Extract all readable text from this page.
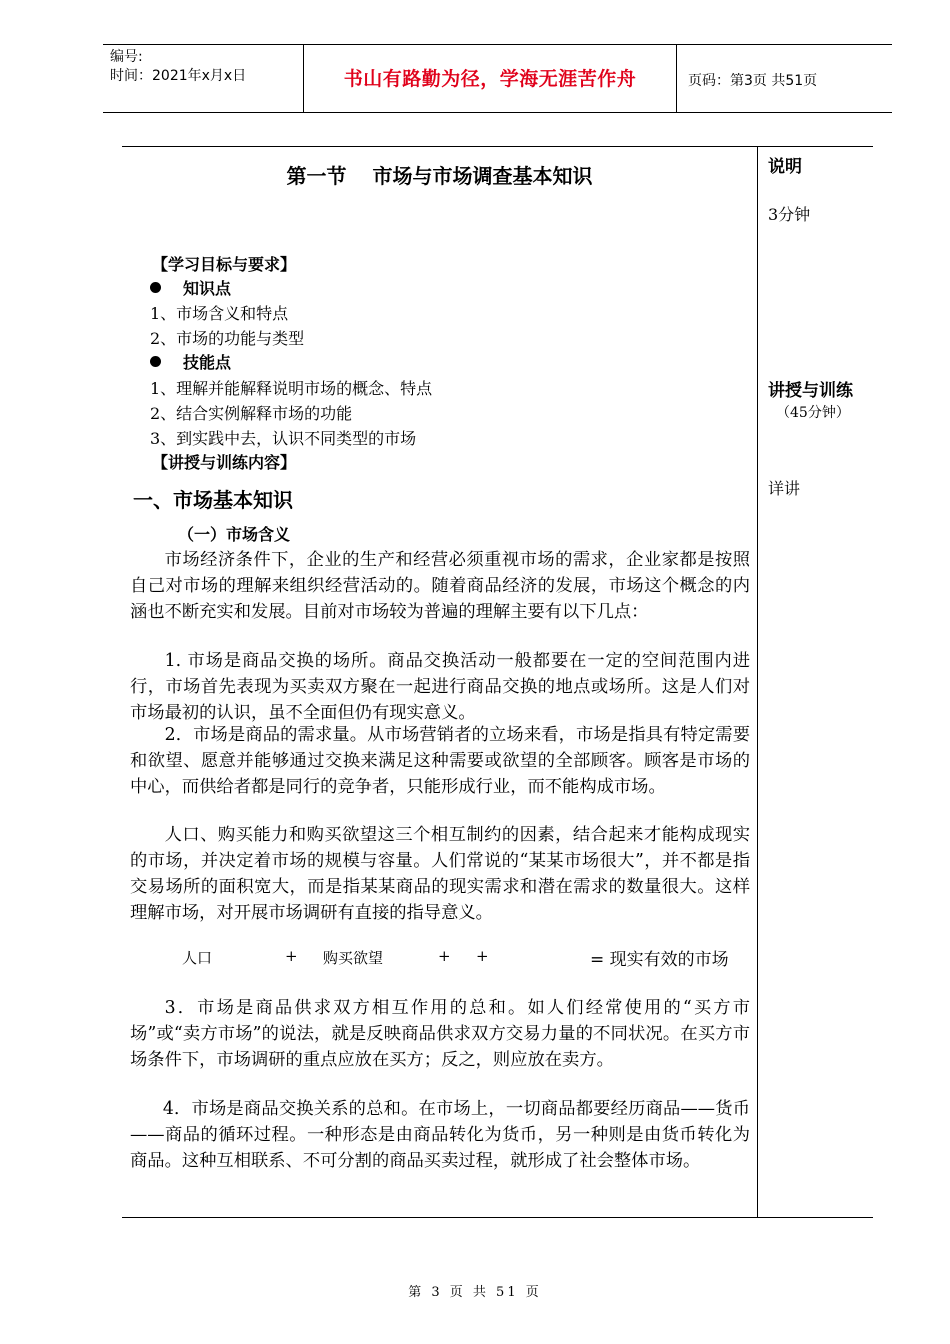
编号:
时间：2021年x月x日	书山有路勤为径，学海无涯苦作舟	页码：第3页 共51页
说明
3分钟
讲授与训练
（45分钟）
详讲
第一节 市场与市场调查基本知识
【学习目标与要求】
知识点
1、市场含义和特点
2、市场的功能与类型
技能点
1、理解并能解释说明市场的概念、特点
2、结合实例解释市场的功能
3、到实践中去，认识不同类型的市场
【讲授与训练内容】
一、市场基本知识
（一）市场含义

市场经济条件下，企业的生产和经营必须重视市场的需求，企业家都是按照自己对市场的理解来组织经营活动的。随着商品经济的发展，市场这个概念的内涵也不断充实和发展。目前对市场较为普遍的理解主要有以下几点：

1. 市场是商品交换的场所。商品交换活动一般都要在一定的空间范围内进行，市场首先表现为买卖双方聚在一起进行商品交换的地点或场所。这是人们对市场最初的认识，虽不全面但仍有现实意义。

2．市场是商品的需求量。从市场营销者的立场来看，市场是指具有特定需要和欲望、愿意并能够通过交换来满足这种需要或欲望的全部顾客。顾客是市场的中心，而供给者都是同行的竞争者，只能形成行业，而不能构成市场。

人口、购买能力和购买欲望这三个相互制约的因素，结合起来才能构成现实的市场，并决定着市场的规模与容量。人们常说的“某某市场很大”，并不都是指交易场所的面积宽大，而是指某某商品的现实需求和潜在需求的数量很大。这样理解市场，对开展市场调研有直接的指导意义。

人口	+ 购买欲望	+ +	= 现实有效的市场

3．市场是商品供求双方相互作用的总和。如人们经常使用的“买方市场”或“卖方市场”的说法，就是反映商品供求双方交易力量的不同状况。在买方市场条件下，市场调研的重点应放在买方；反之，则应放在卖方。

4．市场是商品交换关系的总和。在市场上，一切商品都要经历商品——货币——商品的循环过程。一种形态是由商品转化为货币，另一种则是由货币转化为商品。这种互相联系、不可分割的商品买卖过程，就形成了社会整体市场。

第 3 页 共 51 页
